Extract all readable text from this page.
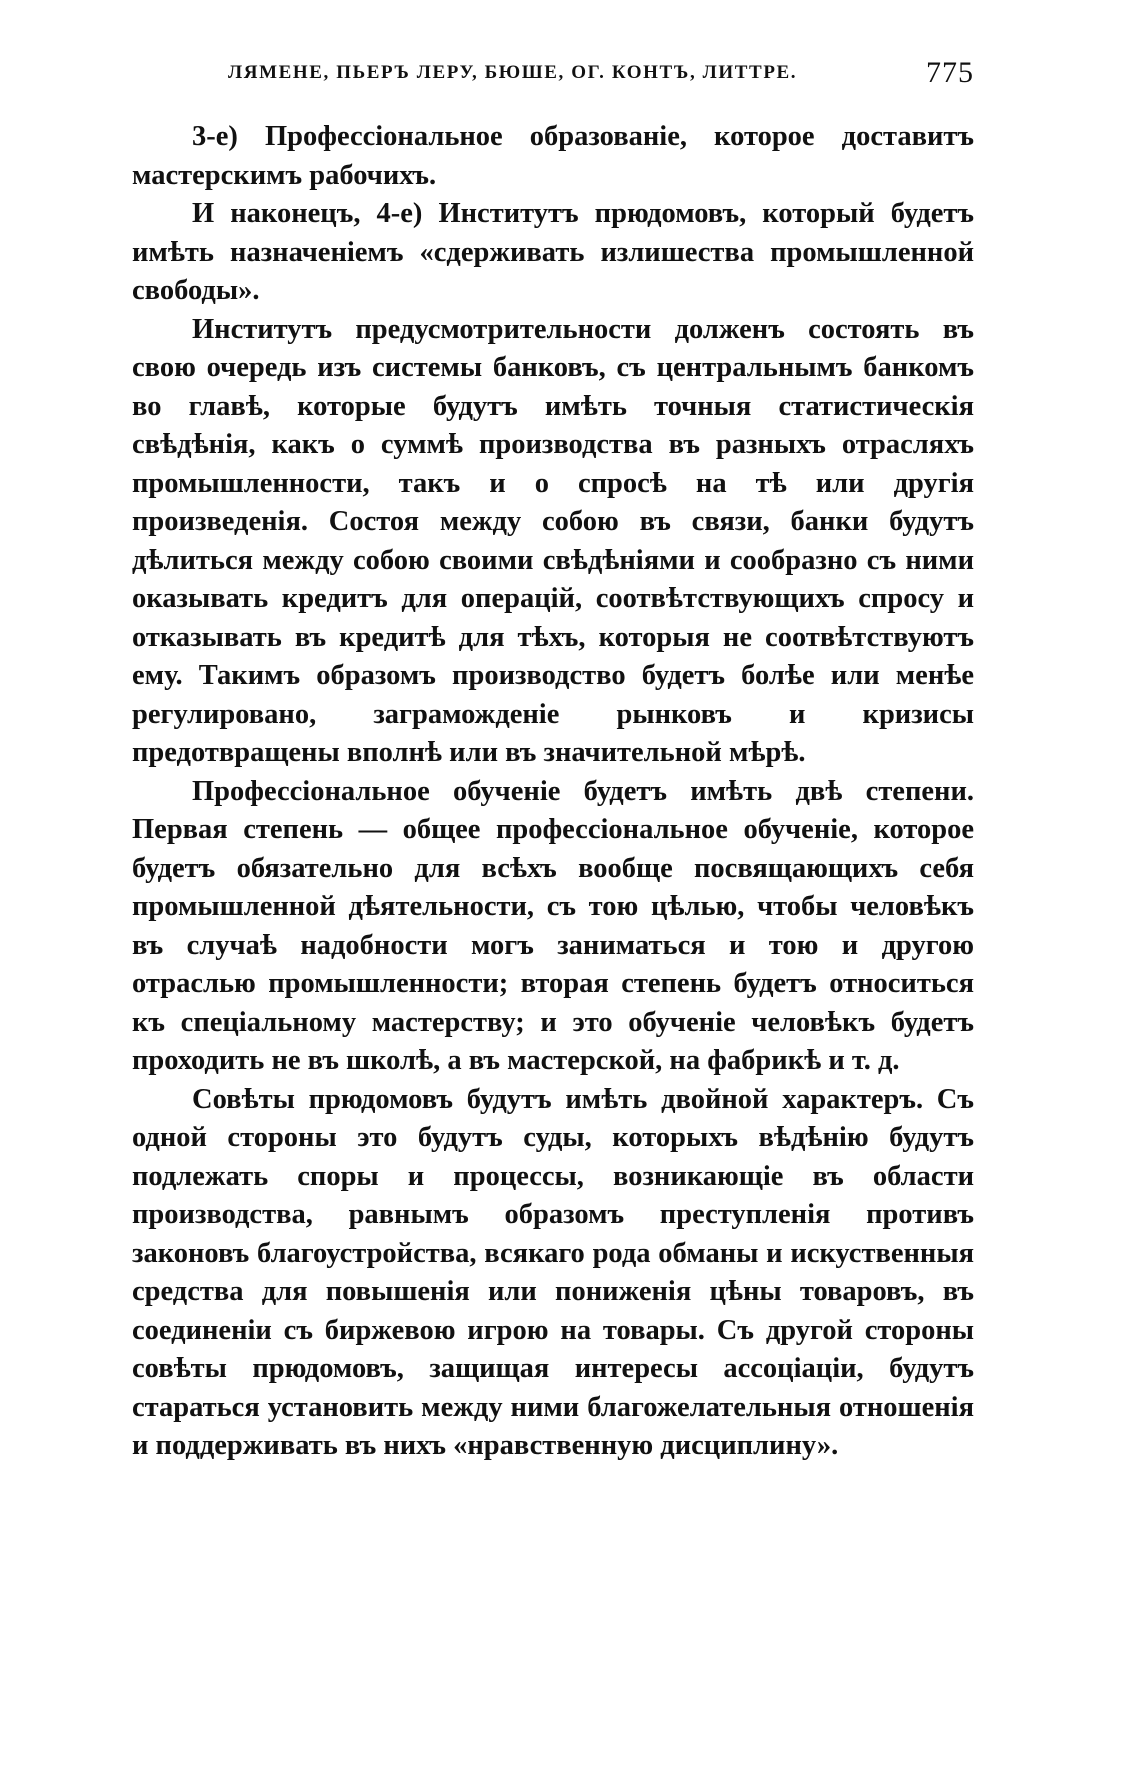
ЛЯМЕНЕ, ПЬЕРЪ ЛЕРУ, БЮШЕ, ОГ. КОНТЪ, ЛИТТРЕ.	775

3-е) Профессіональное образованіе, которое доставитъ мастерскимъ рабочихъ.

И наконецъ, 4-е) Институтъ прюдомовъ, который будетъ имѣть назначеніемъ «сдерживать излишества промышленной свободы».

Институтъ предусмотрительности долженъ состоять въ свою очередь изъ системы банковъ, съ центральнымъ банкомъ во главѣ, которые будутъ имѣть точныя статистическія свѣдѣнія, какъ о суммѣ производства въ разныхъ отрасляхъ промышленности, такъ и о спросѣ на тѣ или другія произведенія. Состоя между собою въ связи, банки будутъ дѣлиться между собою своими свѣдѣніями и сообразно съ ними оказывать кредитъ для операцій, соотвѣтствующихъ спросу и отказывать въ кредитѣ для тѣхъ, которыя не соотвѣтствуютъ ему. Такимъ образомъ производство будетъ болѣе или менѣе регулировано, заграможденіе рынковъ и кризисы предотвращены вполнѣ или въ значительной мѣрѣ.

Профессіональное обученіе будетъ имѣть двѣ степени. Первая степень — общее профессіональное обученіе, которое будетъ обязательно для всѣхъ вообще посвящающихъ себя промышленной дѣятельности, съ тою цѣлью, чтобы человѣкъ въ случаѣ надобности могъ заниматься и тою и другою отраслью промышленности; вторая степень будетъ относиться къ спеціальному мастерству; и это обученіе человѣкъ будетъ проходить не въ школѣ, а въ мастерской, на фабрикѣ и т. д.

Совѣты прюдомовъ будутъ имѣть двойной характеръ. Съ одной стороны это будутъ суды, которыхъ вѣдѣнію будутъ подлежать споры и процессы, возникающіе въ области производства, равнымъ образомъ преступленія противъ законовъ благоустройства, всякаго рода обманы и искуственныя средства для повышенія или пониженія цѣны товаровъ, въ соединеніи съ биржевою игрою на товары. Съ другой стороны совѣты прюдомовъ, защищая интересы ассоціаціи, будутъ стараться установить между ними благожелательныя отношенія и поддерживать въ нихъ «нравственную дисциплину».
